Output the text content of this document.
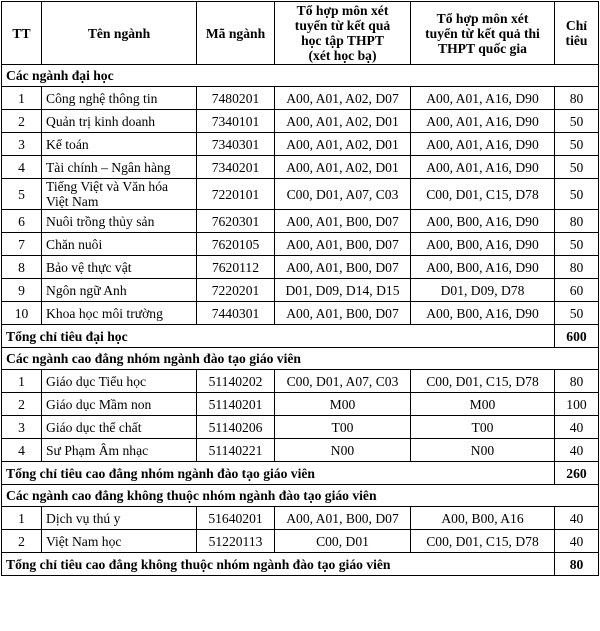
TT	Tên ngành	Mã ngành	Tổ hợp môn xét
tuyển từ kết quả
học tập THPT
(xét học bạ)	Tổ hợp môn xét
tuyển từ kết quả thi
THPT quốc gia	Chỉ
tiêu
Các ngành đại học					
1	Công nghệ thông tin	7480201	A00, A01, A02, D07	A00, A01, A16, D90	80
2	Quản trị kinh doanh	7340101	A00, A01, A02, D01	A00, A01, A16, D90	50
3	Kế toán	7340301	A00, A01, A02, D01	A00, A01, A16, D90	50
4	Tài chính – Ngân hàng	7340201	A00, A01, A02, D01	A00, A01, A16, D90	50
5	Tiếng Việt và Văn hóa
Việt Nam	7220101	C00, D01, A07, C03	C00, D01, C15, D78	50
6	Nuôi trồng thủy sản	7620301	A00, A01, B00, D07	A00, B00, A16, D90	80
7	Chăn nuôi	7620105	A00, A01, B00, D07	A00, B00, A16, D90	50
8	Bảo vệ thực vật	7620112	A00, A01, B00, D07	A00, B00, A16, D90	80
9	Ngôn ngữ Anh	7220201	D01, D09, D14, D15	D01, D09, D78	60
10	Khoa học môi trường	7440301	A00, A01, B00, D07	A00, B00, A16, D90	50
Tổng chỉ tiêu đại học					600
Các ngành cao đẳng nhóm ngành đào tạo giáo viên					
1	Giáo dục Tiểu học	51140202	C00, D01, A07, C03	C00, D01, C15, D78	80
2	Giáo dục Mầm non	51140201	M00	M00	100
3	Giáo dục thể chất	51140206	T00	T00	40
4	Sư Phạm Âm nhạc	51140221	N00	N00	40
Tổng chỉ tiêu cao đẳng nhóm ngành đào tạo giáo viên					260
Các ngành cao đẳng không thuộc nhóm ngành đào tạo giáo viên					
1	Dịch vụ thú y	51640201	A00, A01, B00, D07	A00, B00, A16	40
2	Việt Nam học	51220113	C00, D01	C00, D01, C15, D78	40
Tổng chỉ tiêu cao đẳng không thuộc nhóm ngành đào tạo giáo viên					80
